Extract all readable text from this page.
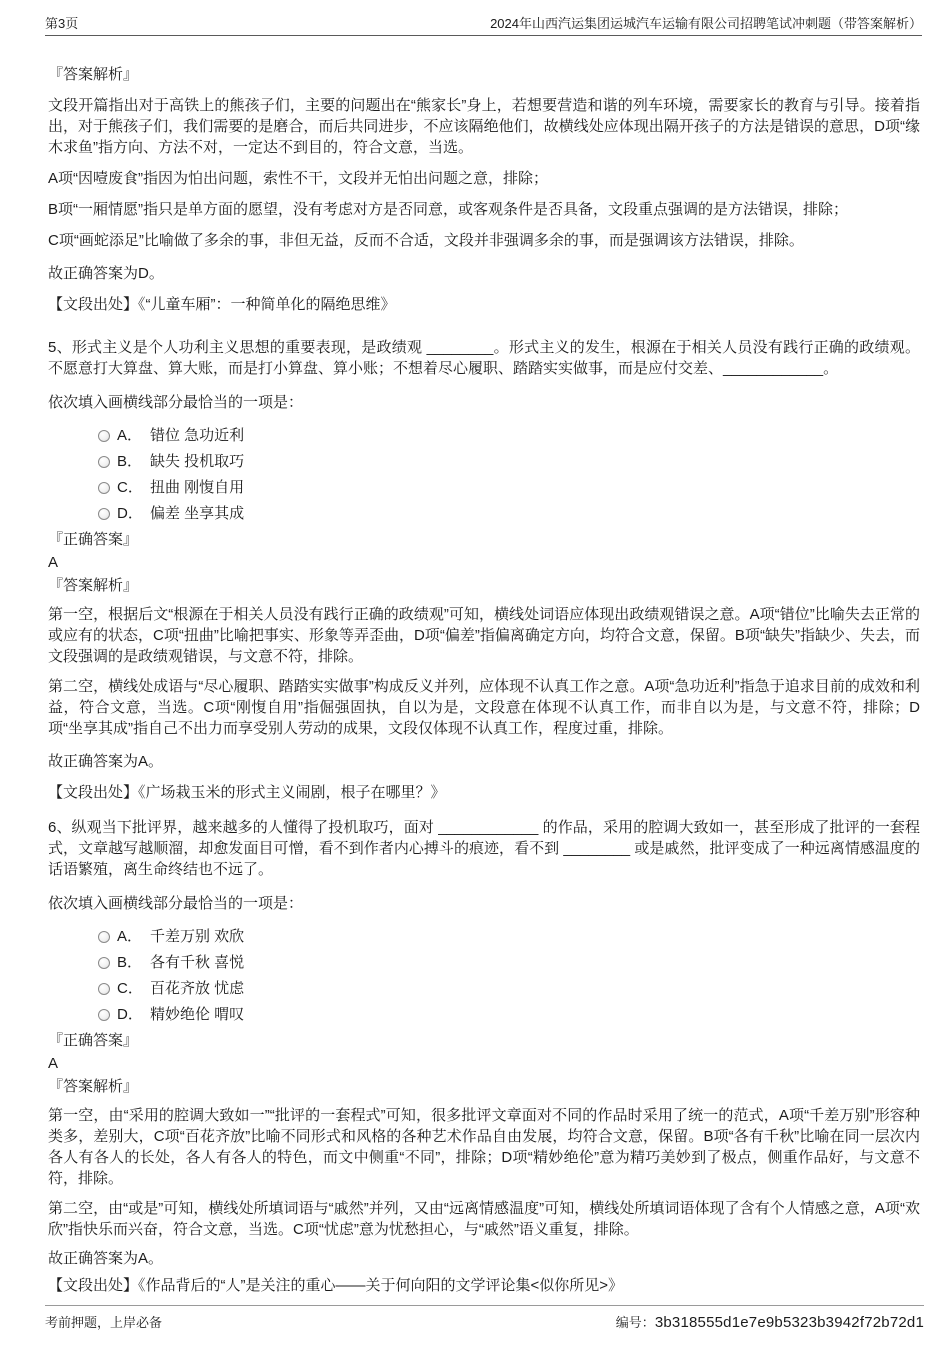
第3页	2024年山西汽运集团运城汽车运输有限公司招聘笔试冲刺题（带答案解析）
『答案解析』

文段开篇指出对于高铁上的熊孩子们，主要的问题出在“熊家长”身上，若想要营造和谐的列车环境，需要家长的教育与引导。接着指出，对于熊孩子们，我们需要的是磨合，而后共同进步，不应该隔绝他们，故横线处应体现出隔开孩子的方法是错误的意思，D项“缘木求鱼”指方向、方法不对，一定达不到目的，符合文意，当选。

A项“因噎废食”指因为怕出问题，索性不干，文段并无怕出问题之意，排除；

B项“一厢情愿”指只是单方面的愿望，没有考虑对方是否同意，或客观条件是否具备，文段重点强调的是方法错误，排除；

C项“画蛇添足”比喻做了多余的事，非但无益，反而不合适，文段并非强调多余的事，而是强调该方法错误，排除。

故正确答案为D。

【文段出处】《“儿童车厢”：一种简单化的隔绝思维》

5、形式主义是个人功利主义思想的重要表现，是政绩观 ________。形式主义的发生，根源在于相关人员没有践行正确的政绩观。不愿意打大算盘、算大账，而是打小算盘、算小账；不想着尽心履职、踏踏实实做事，而是应付交差、____________。

依次填入画横线部分最恰当的一项是：

A． 错位 急功近利
B． 缺失 投机取巧
C． 扭曲 刚愎自用
D． 偏差 坐享其成
『正确答案』
A
『答案解析』

第一空，根据后文“根源在于相关人员没有践行正确的政绩观”可知，横线处词语应体现出政绩观错误之意。A项“错位”比喻失去正常的或应有的状态，C项“扭曲”比喻把事实、形象等弄歪曲，D项“偏差”指偏离确定方向，均符合文意，保留。B项“缺失”指缺少、失去，而文段强调的是政绩观错误，与文意不符，排除。

第二空，横线处成语与“尽心履职、踏踏实实做事”构成反义并列，应体现不认真工作之意。A项“急功近利”指急于追求目前的成效和利益，符合文意，当选。C项“刚愎自用”指倔强固执，自以为是，文段意在体现不认真工作，而非自以为是，与文意不符，排除；D项“坐享其成”指自己不出力而享受别人劳动的成果，文段仅体现不认真工作，程度过重，排除。

故正确答案为A。

【文段出处】《广场栽玉米的形式主义闹剧，根子在哪里？》

6、纵观当下批评界，越来越多的人懂得了投机取巧，面对 ____________ 的作品，采用的腔调大致如一，甚至形成了批评的一套程式，文章越写越顺溜，却愈发面目可憎，看不到作者内心搏斗的痕迹，看不到 ________ 或是戚然，批评变成了一种远离情感温度的话语繁殖，离生命终结也不远了。

依次填入画横线部分最恰当的一项是：

A． 千差万别 欢欣
B． 各有千秋 喜悦
C． 百花齐放 忧虑
D． 精妙绝伦 喟叹
『正确答案』
A
『答案解析』

第一空，由“采用的腔调大致如一”“批评的一套程式”可知，很多批评文章面对不同的作品时采用了统一的范式，A项“千差万别”形容种类多，差别大，C项“百花齐放”比喻不同形式和风格的各种艺术作品自由发展，均符合文意，保留。B项“各有千秋”比喻在同一层次内各人有各人的长处，各人有各人的特色，而文中侧重“不同”，排除；D项“精妙绝伦”意为精巧美妙到了极点，侧重作品好，与文意不符，排除。

第二空，由“或是”可知，横线处所填词语与“戚然”并列，又由“远离情感温度”可知，横线处所填词语体现了含有个人情感之意，A项“欢欣”指快乐而兴奋，符合文意，当选。C项“忧虑”意为忧愁担心，与“戚然”语义重复，排除。

故正确答案为A。

【文段出处】《作品背后的“人”是关注的重心——关于何向阳的文学评论集<似你所见>》

考前押题，上岸必备	编号：3b318555d1e7e9b5323b3942f72b72d1
